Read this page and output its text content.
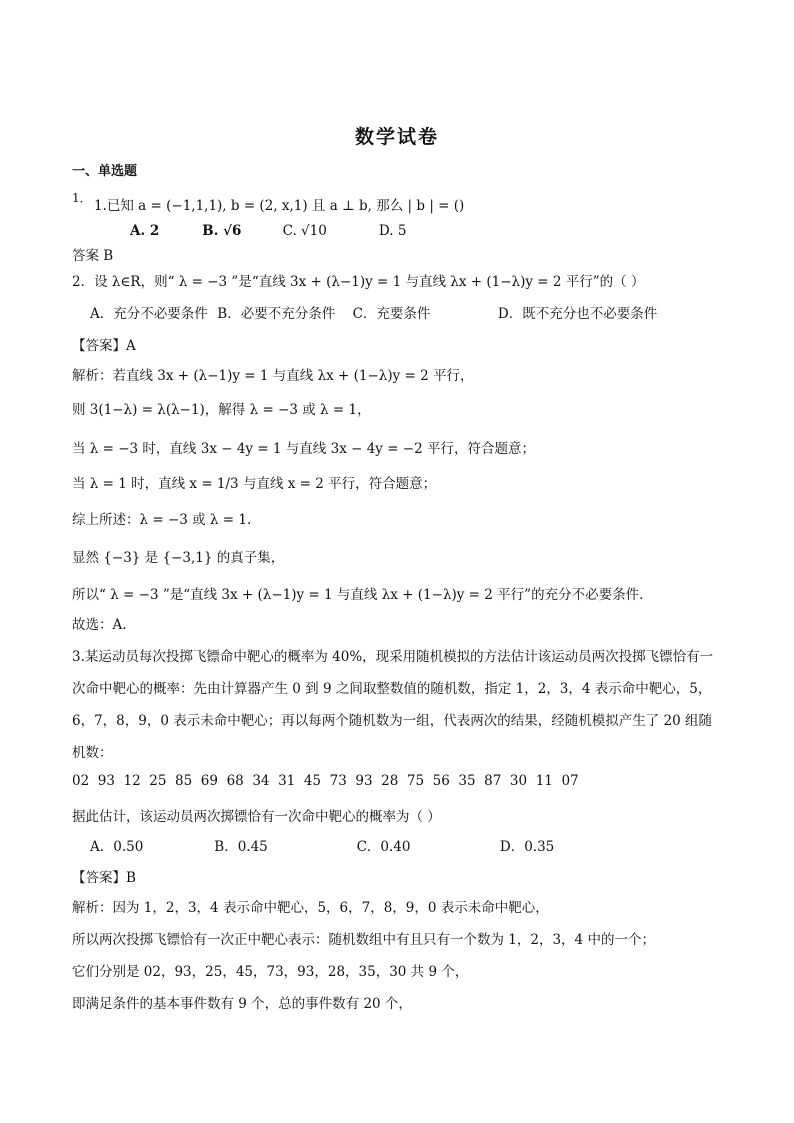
数学试卷
一、单选题
1． 1.已知 a = (−1,1,1), b = (2, x,1) 且 a ⊥ b, 那么 | b | = ()
A. 2	B. √6	C. √10	D. 5
答案 B
2．设 λ∈R，则“ λ = −3 ”是“直线 3x + (λ−1)y = 1 与直线 λx + (1−λ)y = 2 平行”的（ ）
A．充分不必要条件 B．必要不充分条件 C．充要条件	D．既不充分也不必要条件
【答案】A
解析：若直线 3x + (λ−1)y = 1 与直线 λx + (1−λ)y = 2 平行，
则 3(1−λ) = λ(λ−1)，解得 λ = −3 或 λ = 1，
当 λ = −3 时，直线 3x − 4y = 1 与直线 3x − 4y = −2 平行，符合题意；
当 λ = 1 时，直线 x = 1/3 与直线 x = 2 平行，符合题意；
综上所述：λ = −3 或 λ = 1.
显然 {−3} 是 {−3,1} 的真子集，
所以“ λ = −3 ”是“直线 3x + (λ−1)y = 1 与直线 λx + (1−λ)y = 2 平行”的充分不必要条件.
故选：A.
3.某运动员每次投掷飞镖命中靶心的概率为 40%，现采用随机模拟的方法估计该运动员两次投掷飞镖恰有一
次命中靶心的概率：先由计算器产生 0 到 9 之间取整数值的随机数，指定 1，2，3，4 表示命中靶心，5，
6，7，8，9，0 表示未命中靶心；再以每两个随机数为一组，代表两次的结果，经随机模拟产生了 20 组随
机数：
02  93  12  25  85  69  68  34  31  45  73  93  28  75  56  35  87  30  11  07
据此估计，该运动员两次掷镖恰有一次命中靶心的概率为（ ）
A．0.50	B．0.45	C．0.40	D．0.35
【答案】B
解析：因为 1，2，3，4 表示命中靶心，5，6，7，8，9，0 表示未命中靶心，
所以两次投掷飞镖恰有一次正中靶心表示：随机数组中有且只有一个数为 1，2，3，4 中的一个；
它们分别是 02，93，25，45，73，93，28，35，30 共 9 个，
即满足条件的基本事件数有 9 个，总的事件数有 20 个，
